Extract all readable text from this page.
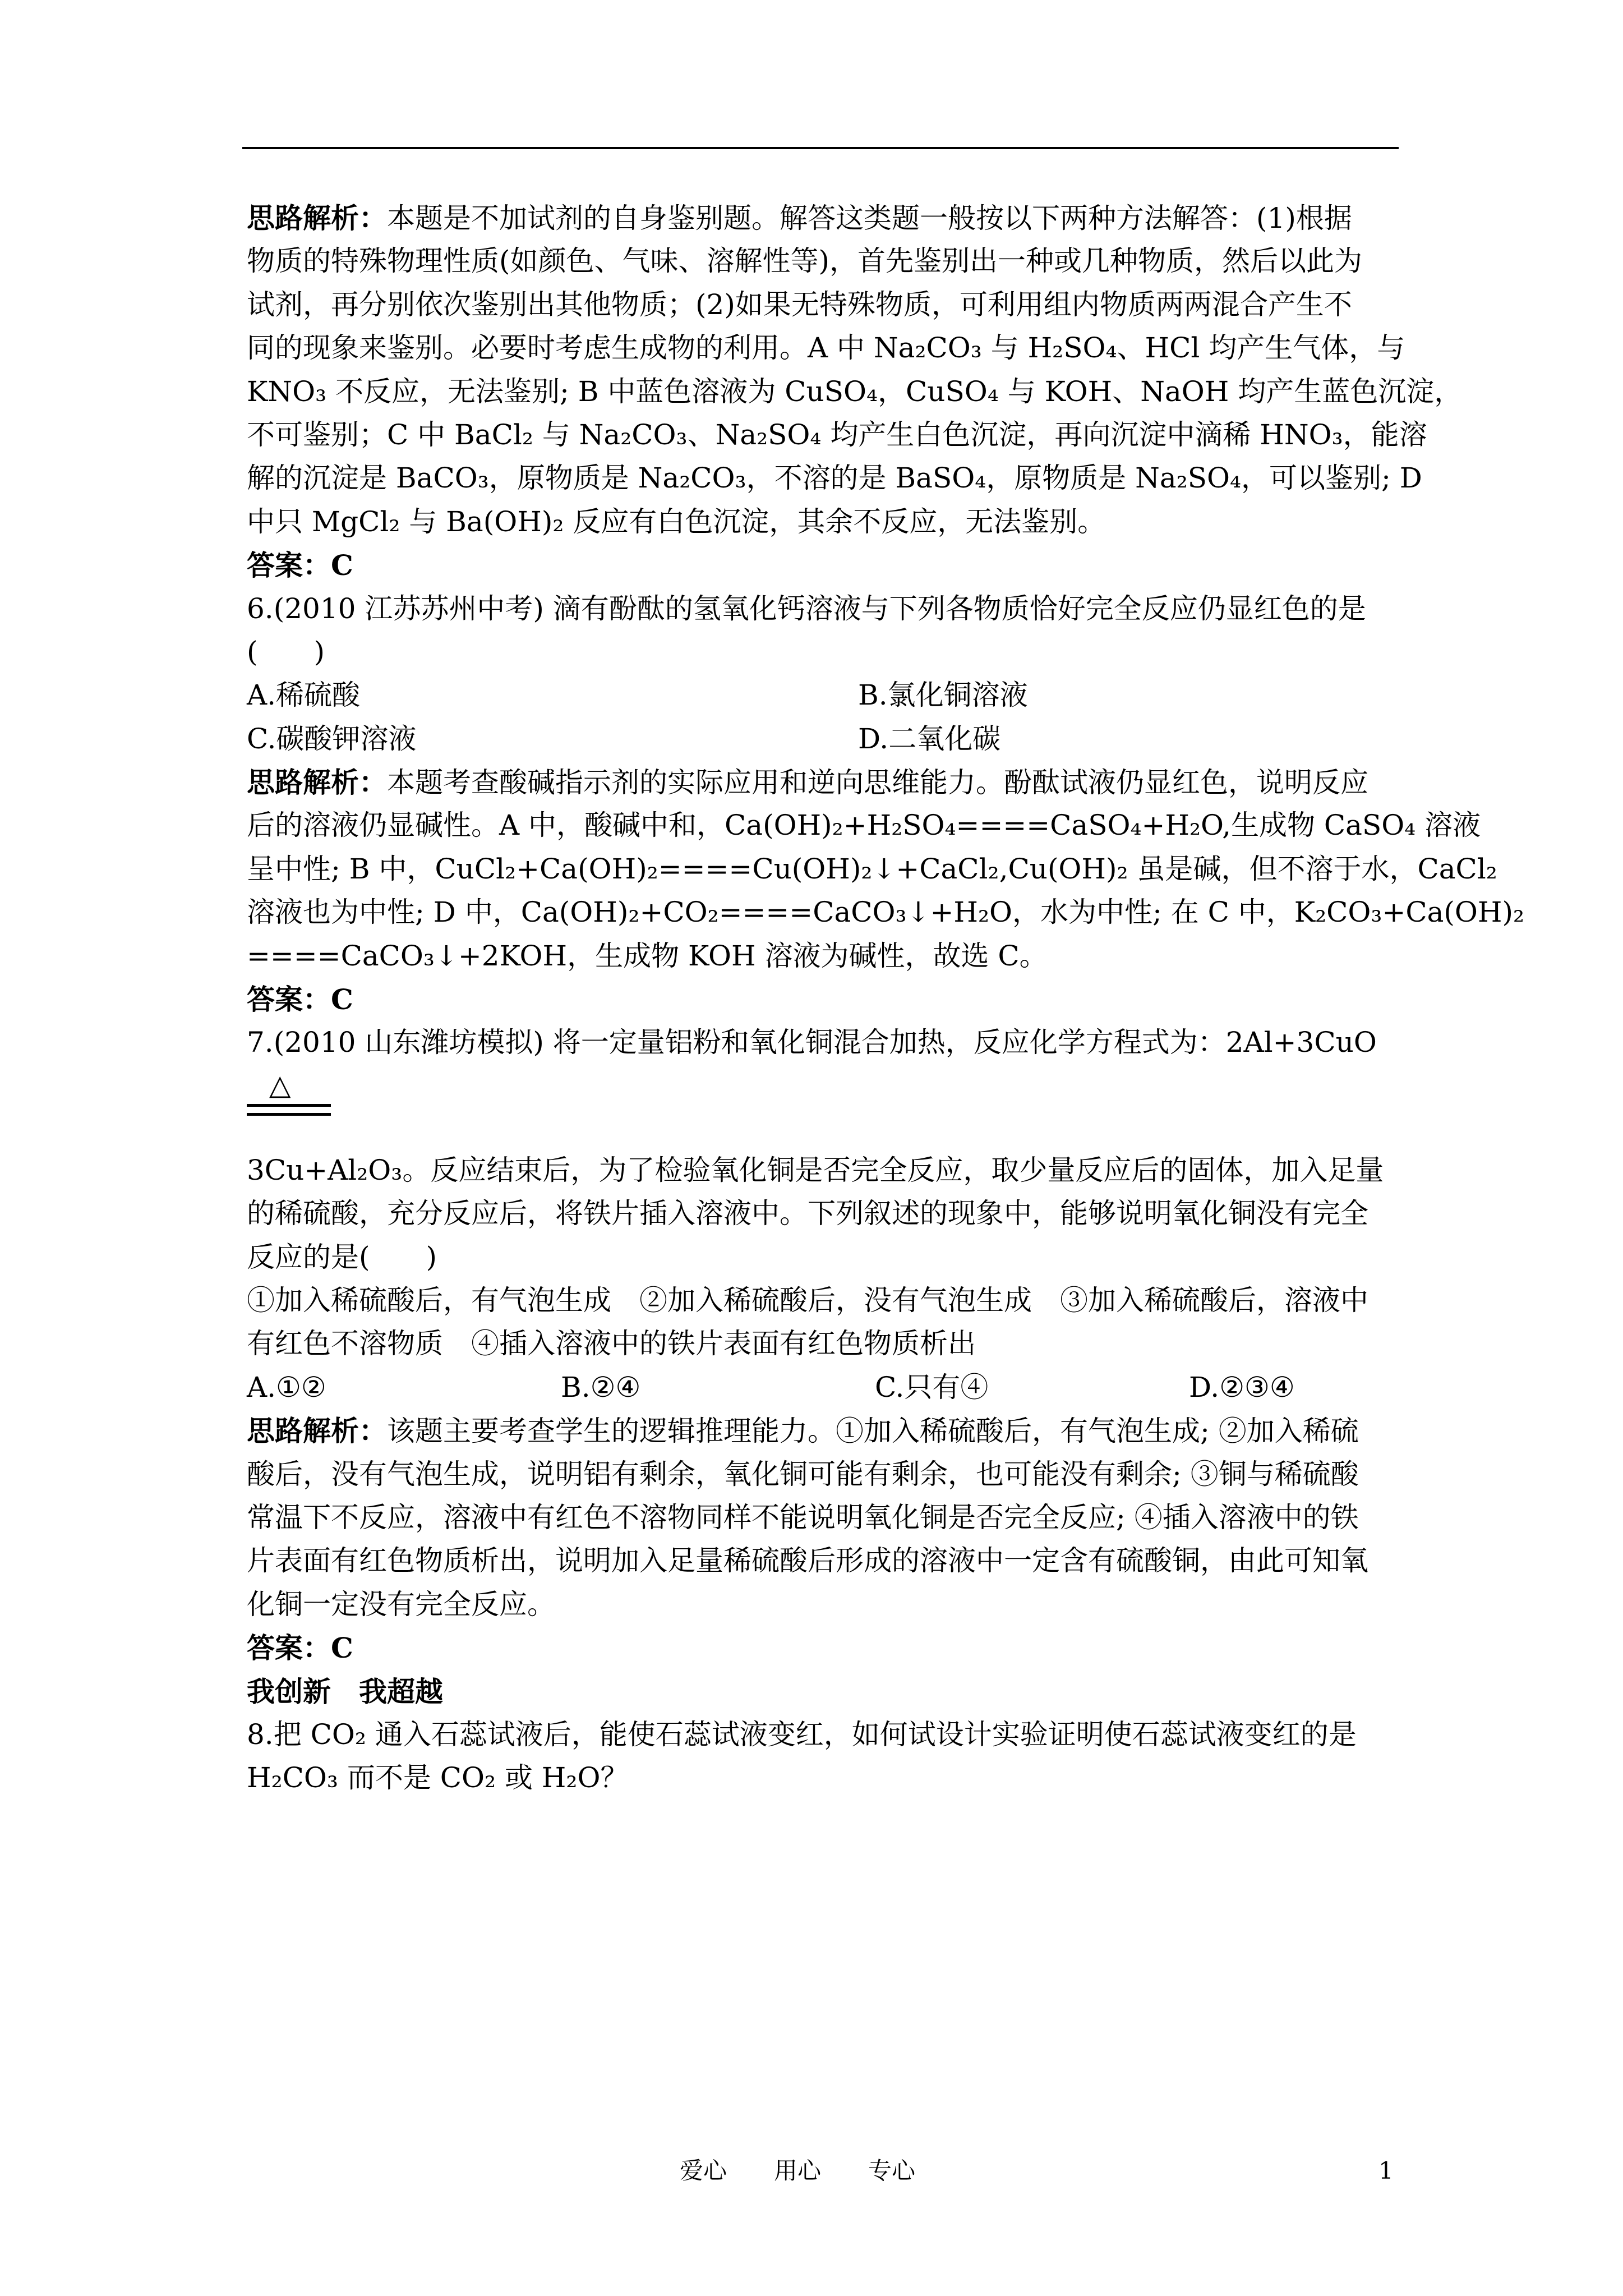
思路解析：本题是不加试剂的自身鉴别题。解答这类题一般按以下两种方法解答：(1)根据
物质的特殊物理性质(如颜色、气味、溶解性等)，首先鉴别出一种或几种物质，然后以此为
试剂，再分别依次鉴别出其他物质；(2)如果无特殊物质，可利用组内物质两两混合产生不
同的现象来鉴别。必要时考虑生成物的利用。A 中 Na₂CO₃ 与 H₂SO₄、HCl 均产生气体，与
KNO₃ 不反应，无法鉴别; B 中蓝色溶液为 CuSO₄，CuSO₄ 与 KOH、NaOH 均产生蓝色沉淀，
不可鉴别；C 中 BaCl₂ 与 Na₂CO₃、Na₂SO₄ 均产生白色沉淀，再向沉淀中滴稀 HNO₃，能溶
解的沉淀是 BaCO₃，原物质是 Na₂CO₃，不溶的是 BaSO₄，原物质是 Na₂SO₄，可以鉴别; D
中只 MgCl₂ 与 Ba(OH)₂ 反应有白色沉淀，其余不反应，无法鉴别。
答案：C
6.(2010 江苏苏州中考) 滴有酚酞的氢氧化钙溶液与下列各物质恰好完全反应仍显红色的是
(　　)
A.稀硫酸	B.氯化铜溶液
C.碳酸钾溶液	D.二氧化碳
思路解析：本题考查酸碱指示剂的实际应用和逆向思维能力。酚酞试液仍显红色，说明反应
后的溶液仍显碱性。A 中，酸碱中和，Ca(OH)₂+H₂SO₄====CaSO₄+H₂O,生成物 CaSO₄ 溶液
呈中性; B 中，CuCl₂+Ca(OH)₂====Cu(OH)₂↓+CaCl₂,Cu(OH)₂ 虽是碱，但不溶于水，CaCl₂
溶液也为中性; D 中，Ca(OH)₂+CO₂====CaCO₃↓+H₂O，水为中性; 在 C 中，K₂CO₃+Ca(OH)₂
====CaCO₃↓+2KOH，生成物 KOH 溶液为碱性，故选 C。
答案：C
7.(2010 山东潍坊模拟) 将一定量铝粉和氧化铜混合加热，反应化学方程式为：2Al+3CuO
△
3Cu+Al₂O₃。反应结束后，为了检验氧化铜是否完全反应，取少量反应后的固体，加入足量
的稀硫酸，充分反应后，将铁片插入溶液中。下列叙述的现象中，能够说明氧化铜没有完全
反应的是(　　)
①加入稀硫酸后，有气泡生成　②加入稀硫酸后，没有气泡生成　③加入稀硫酸后，溶液中
有红色不溶物质　④插入溶液中的铁片表面有红色物质析出
A.①②	B.②④	C.只有④	D.②③④
思路解析：该题主要考查学生的逻辑推理能力。①加入稀硫酸后，有气泡生成; ②加入稀硫
酸后，没有气泡生成，说明铝有剩余，氧化铜可能有剩余，也可能没有剩余; ③铜与稀硫酸
常温下不反应，溶液中有红色不溶物同样不能说明氧化铜是否完全反应; ④插入溶液中的铁
片表面有红色物质析出，说明加入足量稀硫酸后形成的溶液中一定含有硫酸铜，由此可知氧
化铜一定没有完全反应。
答案：C
我创新　我超越
8.把 CO₂ 通入石蕊试液后，能使石蕊试液变红，如何试设计实验证明使石蕊试液变红的是
H₂CO₃ 而不是 CO₂ 或 H₂O？
爱心　　用心　　专心	1
